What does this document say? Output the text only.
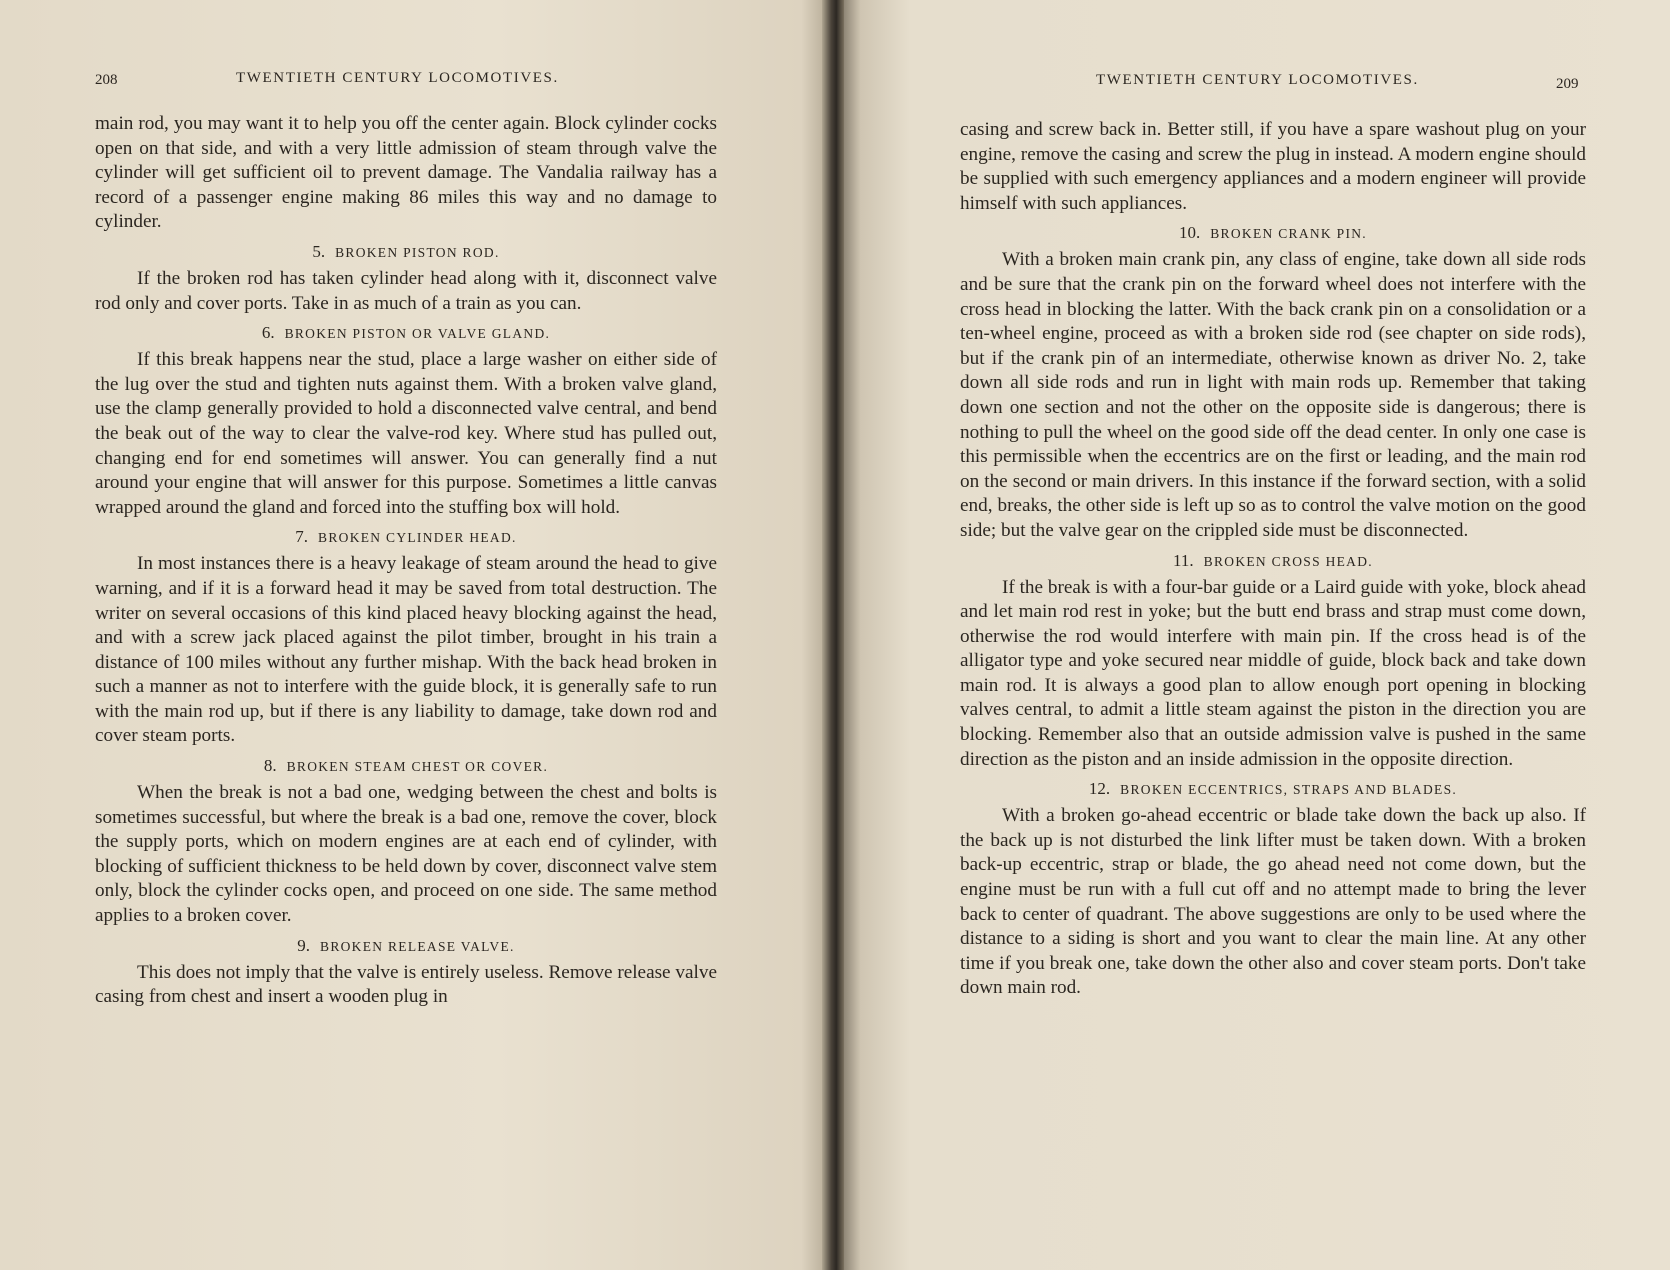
208	TWENTIETH CENTURY LOCOMOTIVES.

main rod, you may want it to help you off the center again. Block cylinder cocks open on that side, and with a very little admission of steam through valve the cylinder will get sufficient oil to prevent damage. The Vandalia railway has a record of a passenger engine making 86 miles this way and no damage to cylinder.

5. BROKEN PISTON ROD.

If the broken rod has taken cylinder head along with it, disconnect valve rod only and cover ports. Take in as much of a train as you can.

6. BROKEN PISTON OR VALVE GLAND.

If this break happens near the stud, place a large washer on either side of the lug over the stud and tighten nuts against them. With a broken valve gland, use the clamp generally provided to hold a disconnected valve central, and bend the beak out of the way to clear the valve-rod key. Where stud has pulled out, changing end for end sometimes will answer. You can generally find a nut around your engine that will answer for this purpose. Sometimes a little canvas wrapped around the gland and forced into the stuffing box will hold.

7. BROKEN CYLINDER HEAD.

In most instances there is a heavy leakage of steam around the head to give warning, and if it is a forward head it may be saved from total destruction. The writer on several occasions of this kind placed heavy blocking against the head, and with a screw jack placed against the pilot timber, brought in his train a distance of 100 miles without any further mishap. With the back head broken in such a manner as not to interfere with the guide block, it is generally safe to run with the main rod up, but if there is any liability to damage, take down rod and cover steam ports.

8. BROKEN STEAM CHEST OR COVER.

When the break is not a bad one, wedging between the chest and bolts is sometimes successful, but where the break is a bad one, remove the cover, block the supply ports, which on modern engines are at each end of cylinder, with blocking of sufficient thickness to be held down by cover, disconnect valve stem only, block the cylinder cocks open, and proceed on one side. The same method applies to a broken cover.

9. BROKEN RELEASE VALVE.

This does not imply that the valve is entirely useless. Remove release valve casing from chest and insert a wooden plug in

TWENTIETH CENTURY LOCOMOTIVES.	209

casing and screw back in. Better still, if you have a spare washout plug on your engine, remove the casing and screw the plug in instead. A modern engine should be supplied with such emergency appliances and a modern engineer will provide himself with such appliances.

10. BROKEN CRANK PIN.

With a broken main crank pin, any class of engine, take down all side rods and be sure that the crank pin on the forward wheel does not interfere with the cross head in blocking the latter. With the back crank pin on a consolidation or a ten-wheel engine, proceed as with a broken side rod (see chapter on side rods), but if the crank pin of an intermediate, otherwise known as driver No. 2, take down all side rods and run in light with main rods up. Remember that taking down one section and not the other on the opposite side is dangerous; there is nothing to pull the wheel on the good side off the dead center. In only one case is this permissible when the eccentrics are on the first or leading, and the main rod on the second or main drivers. In this instance if the forward section, with a solid end, breaks, the other side is left up so as to control the valve motion on the good side; but the valve gear on the crippled side must be disconnected.

11. BROKEN CROSS HEAD.

If the break is with a four-bar guide or a Laird guide with yoke, block ahead and let main rod rest in yoke; but the butt end brass and strap must come down, otherwise the rod would interfere with main pin. If the cross head is of the alligator type and yoke secured near middle of guide, block back and take down main rod. It is always a good plan to allow enough port opening in blocking valves central, to admit a little steam against the piston in the direction you are blocking. Remember also that an outside admission valve is pushed in the same direction as the piston and an inside admission in the opposite direction.

12. BROKEN ECCENTRICS, STRAPS AND BLADES.

With a broken go-ahead eccentric or blade take down the back up also. If the back up is not disturbed the link lifter must be taken down. With a broken back-up eccentric, strap or blade, the go ahead need not come down, but the engine must be run with a full cut off and no attempt made to bring the lever back to center of quadrant. The above suggestions are only to be used where the distance to a siding is short and you want to clear the main line. At any other time if you break one, take down the other also and cover steam ports. Don't take down main rod.
